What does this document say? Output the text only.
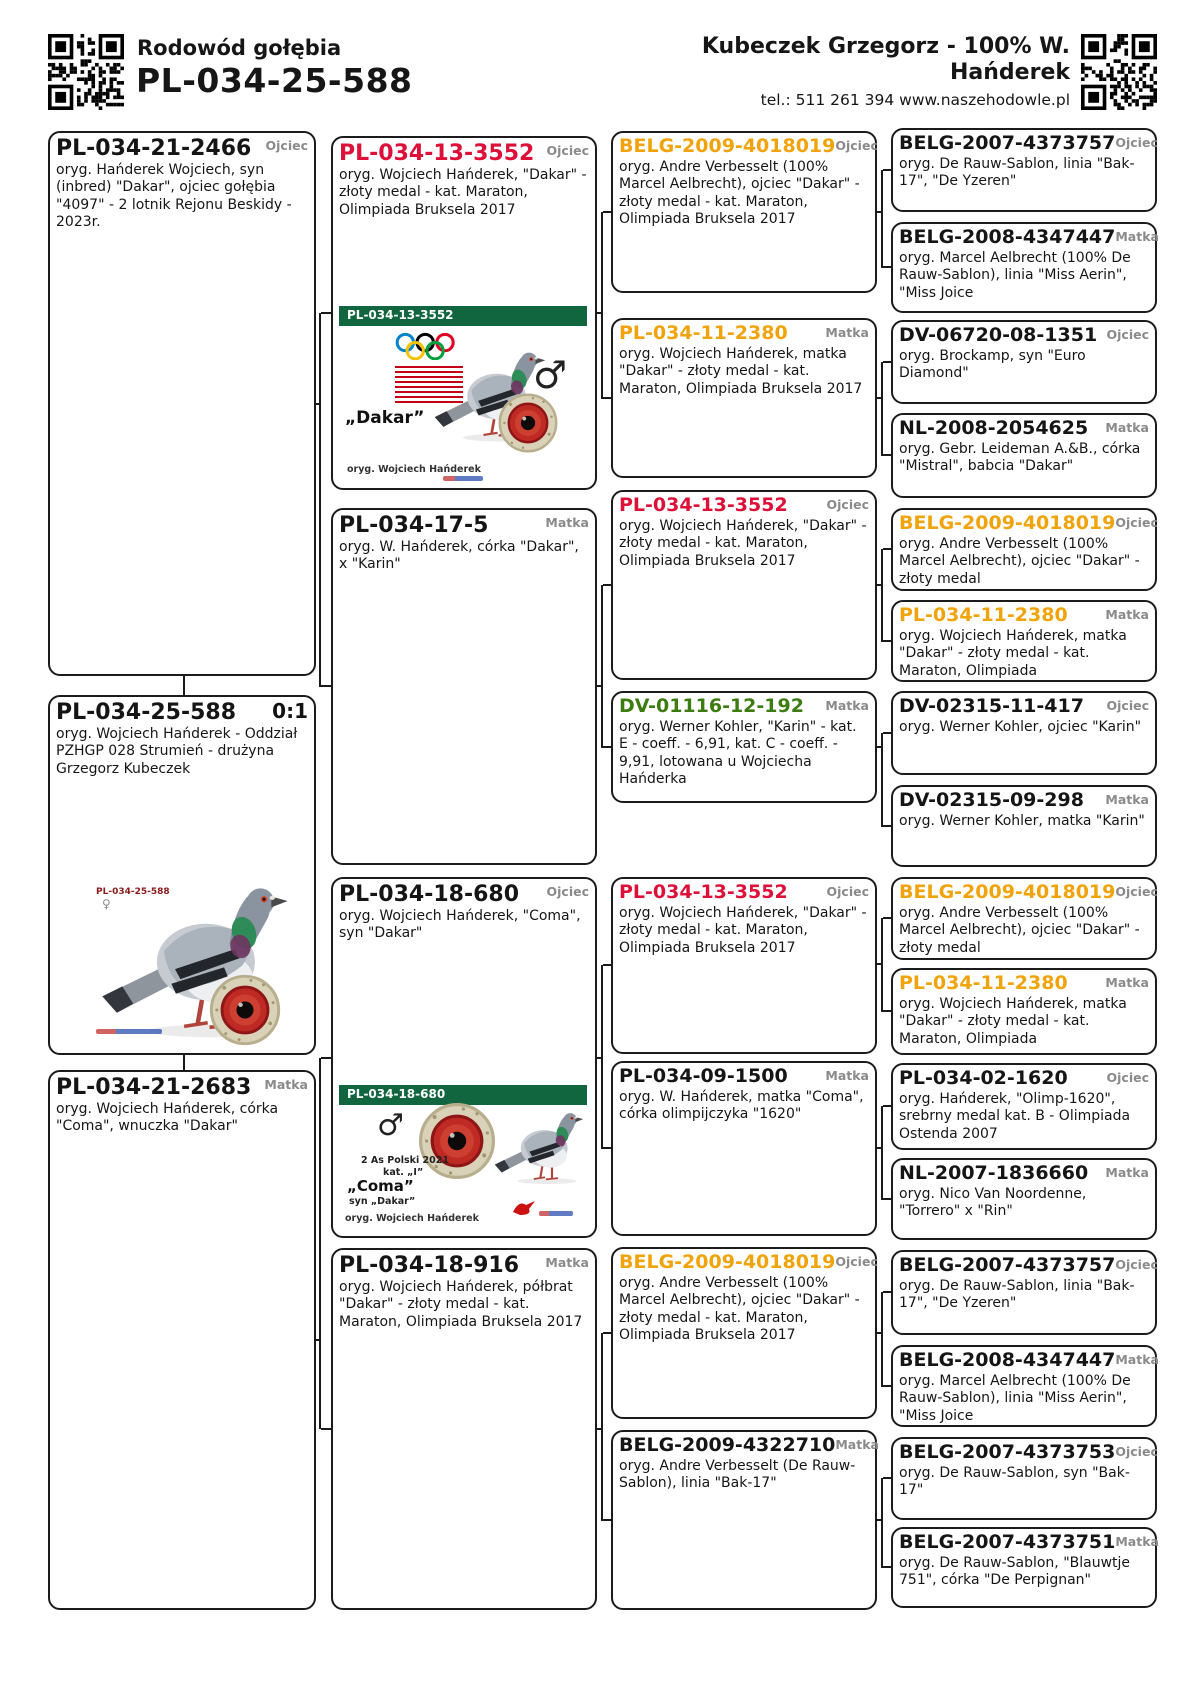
Rodowód gołębia
PL-034-25-588
Kubeczek Grzegorz - 100% W.
Hańderek
tel.: 511 261 394 www.naszehodowle.pl
PL-034-21-2466 Ojciec
oryg. Hańderek Wojciech, syn (inbred) "Dakar", ojciec gołębia "4097" - 2 lotnik Rejonu Beskidy - 2023r.
PL-034-25-588 0:1
oryg. Wojciech Hańderek - Oddział PZHGP 028 Strumień - drużyna Grzegorz Kubeczek
PL-034-25-588
♀
PL-034-21-2683 Matka
oryg. Wojciech Hańderek, córka "Coma", wnuczka "Dakar"
PL-034-13-3552 Ojciec
oryg. Wojciech Hańderek, "Dakar" - złoty medal - kat. Maraton, Olimpiada Bruksela 2017
PL-034-13-3552
♂
„Dakar”
oryg. Wojciech Hańderek
PL-034-17-5	Matka
oryg. W. Hańderek, córka "Dakar", x "Karin"
PL-034-18-680 Ojciec
oryg. Wojciech Hańderek, "Coma", syn "Dakar"
PL-034-18-680
♂
2 As Polski 2021
kat. „I”
„Coma”
syn „Dakar”
oryg. Wojciech Hańderek
PL-034-18-916 Matka
oryg. Wojciech Hańderek, półbrat "Dakar" - złoty medal - kat. Maraton, Olimpiada Bruksela 2017
BELG-2009-4018019 Ojciec
oryg. Andre Verbesselt (100% Marcel Aelbrecht), ojciec "Dakar" - złoty medal - kat. Maraton, Olimpiada Bruksela 2017
PL-034-11-2380	Matka
oryg. Wojciech Hańderek, matka "Dakar" - złoty medal - kat. Maraton, Olimpiada Bruksela 2017
PL-034-13-3552	Ojciec
oryg. Wojciech Hańderek, "Dakar" - złoty medal - kat. Maraton, Olimpiada Bruksela 2017
DV-01116-12-192 Matka
oryg. Werner Kohler, "Karin" - kat. E - coeff. - 6,91, kat. C - coeff. - 9,91, lotowana u Wojciecha Hańderka
PL-034-13-3552	Ojciec
oryg. Wojciech Hańderek, "Dakar" - złoty medal - kat. Maraton, Olimpiada Bruksela 2017
PL-034-09-1500	Matka
oryg. W. Hańderek, matka "Coma", córka olimpijczyka "1620"
BELG-2009-4018019 Ojciec
oryg. Andre Verbesselt (100% Marcel Aelbrecht), ojciec "Dakar" - złoty medal - kat. Maraton, Olimpiada Bruksela 2017
BELG-2009-4322710 Matka
oryg. Andre Verbesselt (De Rauw-Sablon), linia "Bak-17"
BELG-2007-4373757 Ojciec
oryg. De Rauw-Sablon, linia "Bak-17", "De Yzeren"
BELG-2008-4347447 Matka
oryg. Marcel Aelbrecht (100% De Rauw-Sablon), linia "Miss Aerin", "Miss Joice
DV-06720-08-1351 Ojciec
oryg. Brockamp, syn "Euro Diamond"
NL-2008-2054625 Matka
oryg. Gebr. Leideman A.&B., córka "Mistral", babcia "Dakar"
BELG-2009-4018019 Ojciec
oryg. Andre Verbesselt (100% Marcel Aelbrecht), ojciec "Dakar" - złoty medal
PL-034-11-2380	Matka
oryg. Wojciech Hańderek, matka "Dakar" - złoty medal - kat. Maraton, Olimpiada
DV-02315-11-417 Ojciec
oryg. Werner Kohler, ojciec "Karin"
DV-02315-09-298 Matka
oryg. Werner Kohler, matka "Karin"
BELG-2009-4018019 Ojciec
oryg. Andre Verbesselt (100% Marcel Aelbrecht), ojciec "Dakar" - złoty medal
PL-034-11-2380	Matka
oryg. Wojciech Hańderek, matka "Dakar" - złoty medal - kat. Maraton, Olimpiada
PL-034-02-1620	Ojciec
oryg. Hańderek, "Olimp-1620", srebrny medal kat. B - Olimpiada Ostenda 2007
NL-2007-1836660 Matka
oryg. Nico Van Noordenne, "Torrero" x "Rin"
BELG-2007-4373757 Ojciec
oryg. De Rauw-Sablon, linia "Bak-17", "De Yzeren"
BELG-2008-4347447 Matka
oryg. Marcel Aelbrecht (100% De Rauw-Sablon), linia "Miss Aerin", "Miss Joice
BELG-2007-4373753 Ojciec
oryg. De Rauw-Sablon, syn "Bak-17"
BELG-2007-4373751 Matka
oryg. De Rauw-Sablon, "Blauwtje 751", córka "De Perpignan"
